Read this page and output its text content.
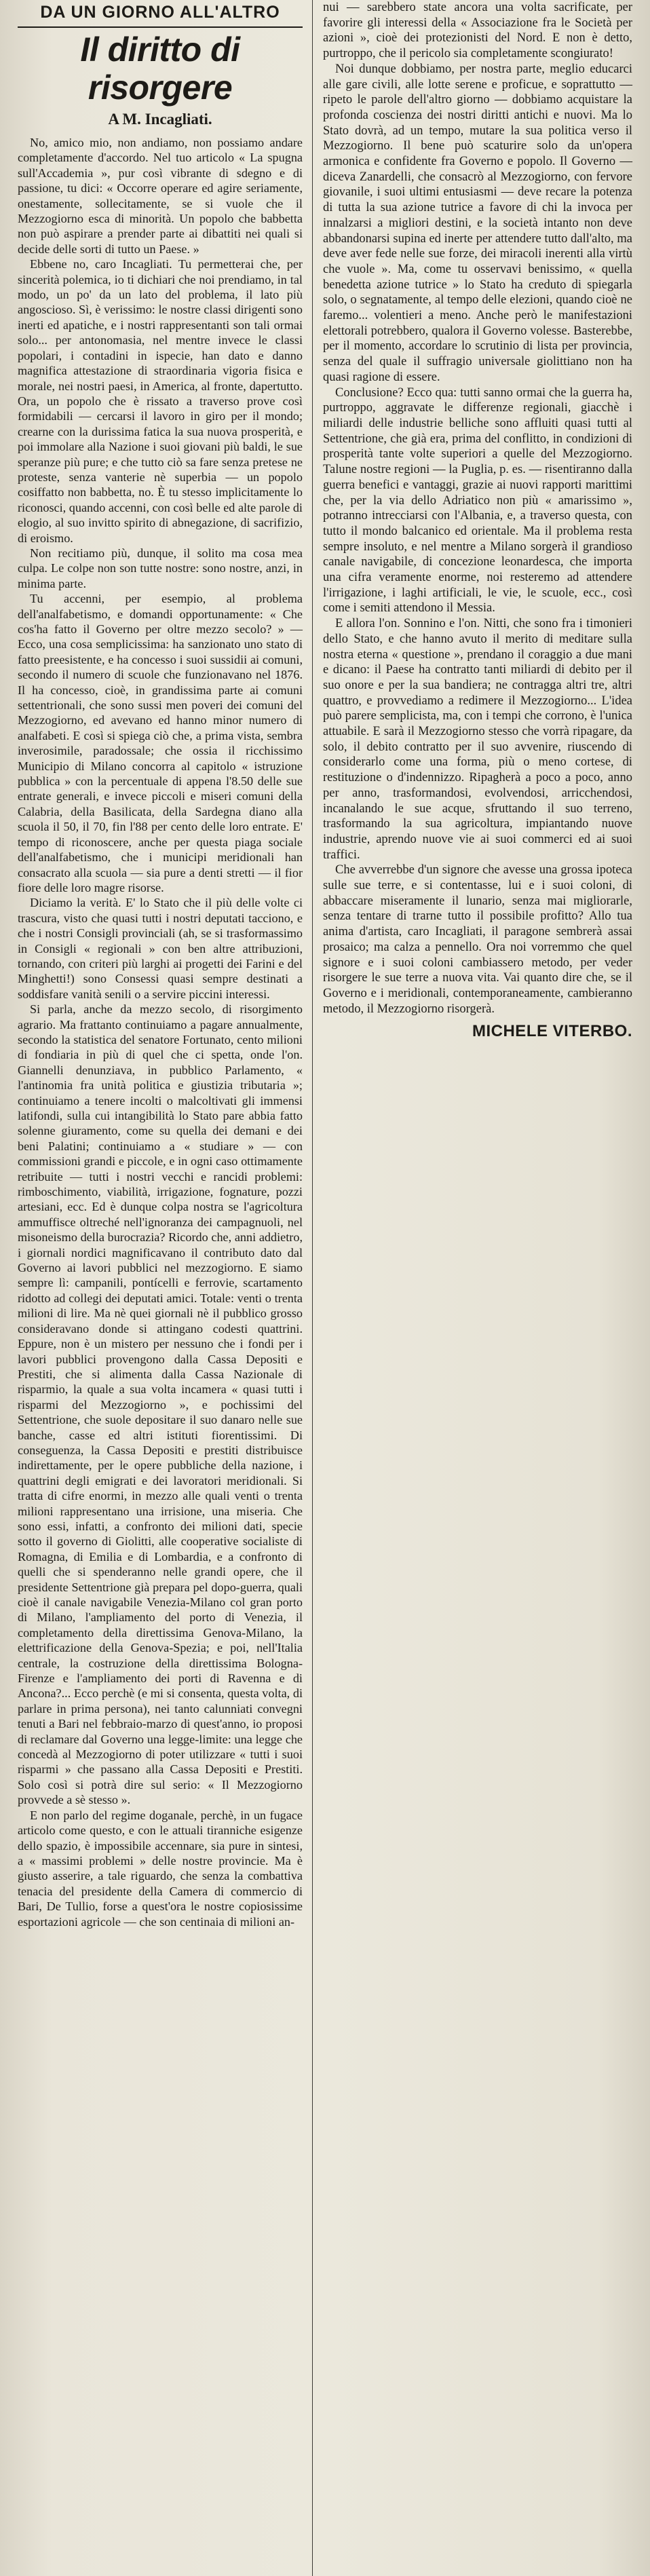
DA UN GIORNO ALL'ALTRO
Il diritto di risorgere
A M. Incagliati.

No, amico mio, non andiamo, non possiamo andare completamente d'accordo. Nel tuo articolo « La spugna sull'Accademia », pur così vibrante di sdegno e di passione, tu dici: « Occorre operare ed agire seriamente, onestamente, sollecitamente, se si vuole che il Mezzogiorno esca di minorità. Un popolo che babbetta non può aspirare a prender parte ai dibattiti nei quali si decide delle sorti di tutto un Paese. »

Ebbene no, caro Incagliati. Tu permetterai che, per sincerità polemica, io ti dichiari che noi prendiamo, in tal modo, un po' da un lato del problema, il lato più angoscioso. Sì, è verissimo: le nostre classi dirigenti sono inerti ed apatiche, e i nostri rappresentanti son tali ormai solo... per antonomasia, nel mentre invece le classi popolari, i contadini in ispecie, han dato e danno magnifica attestazione di straordinaria vigoria fisica e morale, nei nostri paesi, in America, al fronte, dapertutto. Ora, un popolo che è rissato a traverso prove così formidabili — cercarsi il lavoro in giro per il mondo; crearne con la durissima fatica la sua nuova prosperità, e poi immolare alla Nazione i suoi giovani più baldi, le sue speranze più pure; e che tutto ciò sa fare senza pretese ne proteste, senza vanterie nè superbia — un popolo cosiffatto non babbetta, no. È tu stesso implicitamente lo riconosci, quando accenni, con così belle ed alte parole di elogio, al suo invitto spirito di abnegazione, di sacrifizio, di eroismo.

Non recitiamo più, dunque, il solito ma cosa mea culpa. Le colpe non son tutte nostre: sono nostre, anzi, in minima parte.

Tu accenni, per esempio, al problema dell'analfabetismo, e domandi opportunamente: « Che cos'ha fatto il Governo per oltre mezzo secolo? » — Ecco, una cosa semplicissima: ha sanzionato uno stato di fatto preesistente, e ha concesso i suoi sussidii ai comuni, secondo il numero di scuole che funzionavano nel 1876. Il ha concesso, cioè, in grandissima parte ai comuni settentrionali, che sono sussi men poveri dei comuni del Mezzogiorno, ed avevano ed hanno minor numero di analfabeti. E così si spiega ciò che, a prima vista, sembra inverosimile, paradossale; che ossia il ricchissimo Municipio di Milano concorra al capitolo « istruzione pubblica » con la percentuale di appena l'8.50 delle sue entrate generali, e invece piccoli e miseri comuni della Calabria, della Basilicata, della Sardegna diano alla scuola il 50, il 70, fin l'88 per cento delle loro entrate. E' tempo di riconoscere, anche per questa piaga sociale dell'analfabetismo, che i municipi meridionali han consacrato alla scuola — sia pure a denti stretti — il fior fiore delle loro magre risorse.

Diciamo la verità. E' lo Stato che il più delle volte ci trascura, visto che quasi tutti i nostri deputati tacciono, e che i nostri Consigli provinciali (ah, se si trasformassimo in Consigli « regionali » con ben altre attribuzioni, tornando, con criteri più larghi ai progetti dei Farini e del Minghetti!) sono Consessi quasi sempre destinati a soddisfare vanità senili o a servire piccini interessi.

Si parla, anche da mezzo secolo, di risorgimento agrario. Ma frattanto continuiamo a pagare annualmente, secondo la statistica del senatore Fortunato, cento milioni di fondiaria in più di quel che ci spetta, onde l'on. Giannelli denunziava, in pubblico Parlamento, « l'antinomia fra unità politica e giustizia tributaria »; continuiamo a tenere incolti o malcoltivati gli immensi latifondi, sulla cui intangibilità lo Stato pare abbia fatto solenne giuramento, come su quella dei demani e dei beni Palatini; continuiamo a « studiare » — con commissioni grandi e piccole, e in ogni caso ottimamente retribuite — tutti i nostri vecchi e rancidi problemi: rimboschimento, viabilità, irrigazione, fognature, pozzi artesiani, ecc. Ed è dunque colpa nostra se l'agricoltura ammuffisce oltreché nell'ignoranza dei campagnuoli, nel misoneismo della burocrazia? Ricordo che, anni addietro, i giornali nordici magnificavano il contributo dato dal Governo ai lavori pubblici nel mezzogiorno. E siamo sempre lì: campanili, pontícelli e ferrovie, scartamento ridotto ad collegi dei deputati amici. Totale: venti o trenta milioni di lire. Ma nè quei giornali nè il pubblico grosso consideravano donde si attingano codesti quattrini. Eppure, non è un mistero per nessuno che i fondi per i lavori pubblici provengono dalla Cassa Depositi e Prestiti, che si alimenta dalla Cassa Nazionale di risparmio, la quale a sua volta incamera « quasi tutti i risparmi del Mezzogiorno », e pochissimi del Settentrione, che suole depositare il suo danaro nelle sue banche, casse ed altri istituti fiorentissimi. Di conseguenza, la Cassa Depositi e prestiti distribuisce indirettamente, per le opere pubbliche della nazione, i quattrini degli emigrati e dei lavoratori meridionali. Si tratta di cifre enormi, in mezzo alle quali venti o trenta milioni rappresentano una irrisione, una miseria. Che sono essi, infatti, a confronto dei milioni dati, specie sotto il governo di Giolitti, alle cooperative socialiste di Romagna, di Emilia e di Lombardia, e a confronto di quelli che si spenderanno nelle grandi opere, che il presidente Settentrione già prepara pel dopo-guerra, quali cioè il canale navigabile Venezia-Milano col gran porto di Milano, l'ampliamento del porto di Venezia, il completamento della direttissima Genova-Milano, la elettrificazione della Genova-Spezia; e poi, nell'Italia centrale, la costruzione della direttissima Bologna-Firenze e l'ampliamento dei porti di Ravenna e di Ancona?... Ecco perchè (e mi si consenta, questa volta, di parlare in prima persona), nei tanto calunniati convegni tenuti a Bari nel febbraio-marzo di quest'anno, io proposi di reclamare dal Governo una legge-limite: una legge che concedà al Mezzogiorno di poter utilizzare « tutti i suoi risparmi » che passano alla Cassa Depositi e Prestiti. Solo così si potrà dire sul serio: « Il Mezzogiorno provvede a sè stesso ».

E non parlo del regime doganale, perchè, in un fugace articolo come questo, e con le attuali tiranniche esigenze dello spazio, è impossibile accennare, sia pure in sintesi, a « massimi problemi » delle nostre provincie. Ma è giusto asserire, a tale riguardo, che senza la combattiva tenacia del presidente della Camera di commercio di Bari, De Tullio, forse a quest'ora le nostre copiosissime esportazioni agricole — che son centinaia di milioni an-

nui — sarebbero state ancora una volta sacrificate, per favorire gli interessi della « Associazione fra le Società per azioni », cioè dei protezionisti del Nord. E non è detto, purtroppo, che il pericolo sia completamente scongiurato!

Noi dunque dobbiamo, per nostra parte, meglio educarci alle gare civili, alle lotte serene e proficue, e soprattutto — ripeto le parole dell'altro giorno — dobbiamo acquistare la profonda coscienza dei nostri diritti antichi e nuovi. Ma lo Stato dovrà, ad un tempo, mutare la sua politica verso il Mezzogiorno. Il bene può scaturire solo da un'opera armonica e confidente fra Governo e popolo. Il Governo — diceva Zanardelli, che consacrò al Mezzogiorno, con fervore giovanile, i suoi ultimi entusiasmi — deve recare la potenza di tutta la sua azione tutrice a favore di chi la invoca per innalzarsi a migliori destini, e la società intanto non deve abbandonarsi supina ed inerte per attendere tutto dall'alto, ma deve aver fede nelle sue forze, dei miracoli inerenti alla virtù che vuole ». Ma, come tu osservavi benissimo, « quella benedetta azione tutrice » lo Stato ha creduto di spiegarla solo, o segnatamente, al tempo delle elezioni, quando cioè ne faremo... volentieri a meno. Anche però le manifestazioni elettorali potrebbero, qualora il Governo volesse. Basterebbe, per il momento, accordare lo scrutinio di lista per provincia, senza del quale il suffragio universale giolittiano non ha quasi ragione di essere.

Conclusione? Ecco qua: tutti sanno ormai che la guerra ha, purtroppo, aggravate le differenze regionali, giacchè i miliardi delle industrie belliche sono affluiti quasi tutti al Settentrione, che già era, prima del conflitto, in condizioni di prosperità tante volte superiori a quelle del Mezzogiorno. Talune nostre regioni — la Puglia, p. es. — risentiranno dalla guerra benefici e vantaggi, grazie ai nuovi rapporti marittimi che, per la via dello Adriatico non più « amarissimo », potranno intrecciarsi con l'Albania, e, a traverso questa, con tutto il mondo balcanico ed orientale. Ma il problema resta sempre insoluto, e nel mentre a Milano sorgerà il grandioso canale navigabile, di concezione leonardesca, che importa una cifra veramente enorme, noi resteremo ad attendere l'irrigazione, i laghi artificiali, le vie, le scuole, ecc., così come i semiti attendono il Messia.

E allora l'on. Sonnino e l'on. Nitti, che sono fra i timonieri dello Stato, e che hanno avuto il merito di meditare sulla nostra eterna « questione », prendano il coraggio a due mani e dicano: il Paese ha contratto tanti miliardi di debito per il suo onore e per la sua bandiera; ne contragga altri tre, altri quattro, e provvediamo a redimere il Mezzogiorno... L'idea può parere semplicista, ma, con i tempi che corrono, è l'unica attuabile. E sarà il Mezzogiorno stesso che vorrà ripagare, da solo, il debito contratto per il suo avvenire, riuscendo di considerarlo come una forma, più o meno cortese, di restituzione o d'indennizzo. Ripagherà a poco a poco, anno per anno, trasformandosi, evolvendosi, arricchendosi, incanalando le sue acque, sfruttando il suo terreno, trasformando la sua agricoltura, impiantando nuove industrie, aprendo nuove vie ai suoi commerci ed ai suoi traffici.

Che avverrebbe d'un signore che avesse una grossa ipoteca sulle sue terre, e si contentasse, lui e i suoi coloni, di abbaccare miseramente il lunario, senza mai migliorarle, senza tentare di trarne tutto il possibile profitto? Allo tua anima d'artista, caro Incagliati, il paragone sembrerà assai prosaico; ma calza a pennello. Ora noi vorremmo che quel signore e i suoi coloni cambiassero metodo, per veder risorgere le sue terre a nuova vita. Vai quanto dire che, se il Governo e i meridionali, contemporaneamente, cambieranno metodo, il Mezzogiorno risorgerà.

MICHELE VITERBO.
